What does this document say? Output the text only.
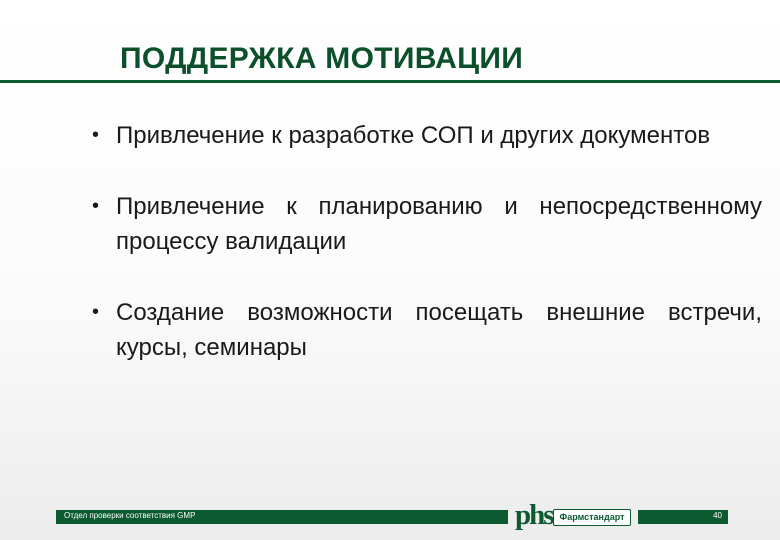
ПОДДЕРЖКА МОТИВАЦИИ
• Привлечение к разработке СОП и других документов
• Привлечение к планированию и непосредственному процессу валидации
• Создание возможности посещать внешние встречи, курсы, семинары
Отдел проверки соответствия GMP	phs Фармстандарт	40
